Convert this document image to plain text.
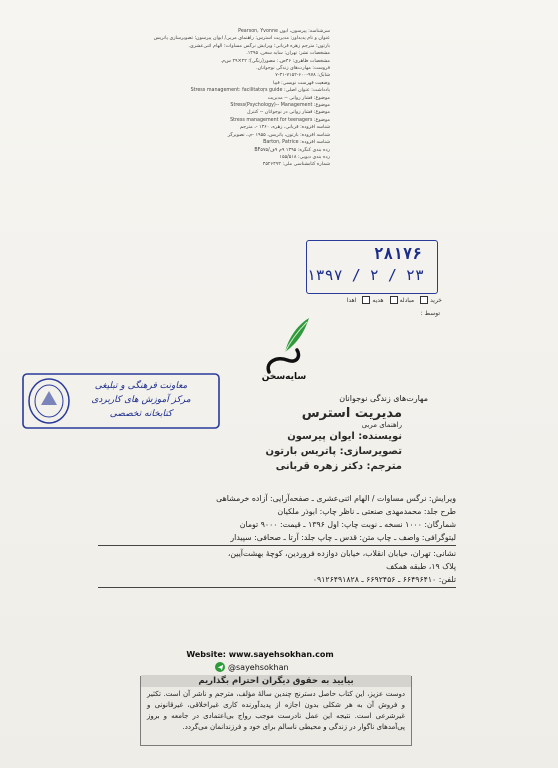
سرشناسه: پیرسون، ایون Pearson, Yvonne
عنوان و نام پدیدآور: مدیریت استرس: راهنمای مربی/ ایوان پیرسون؛ تصویرسازی پاتریس
بارتون؛ مترجم زهره قربانی؛ ویرایش نرگس مساوات؛ الهام اثنی‌عشری.
مشخصات نشر: تهران: سایه سخن، ۱۳۹۵.
مشخصات ظاهری: ۴۶ص.: مصور(رنگی)؛ ۲۲×۲۹ س‌م.
فروست: مهارت‌های زندگی نوجوانان.
شابک: ۹۷۸-۶۰۰-۷۱۵۲-۳۱-۷
وضعیت فهرست نویسی: فیپا
یادداشت: عنوان اصلی: Stress management: facilitatoṛs guide
موضوع: فشار روانی -- مدیریت
موضوع: Stress(Psychology)-- Management
موضوع: فشار روانی در نوجوانان -- کنترل
موضوع: Stress management for teenagers
شناسه افزوده: قربانی، زهره، ۱۳۶۰ -، مترجم
شناسه افزوده: بارتون، پاتریس، ۱۹۵۵ -م.، تصویرگر
شناسه افزوده: Barton, Patrice
رده بندی کنگره: ۱۳۹۵ ۹م ۹ف/BF۵۷۵
رده بندی دیویی: ۱۵۵/۵۱۸
شماره کتابشناسی ملی: ۴۵۲۶۴۹۳
۲۸۱۷۶
۱۳۹۷ / ۲ / ۲۳
خرید
مبادله
هدیه
اهدا
توسط :
سایه‌سخن
معاونت فرهنگی و تبلیغی
مرکز آموزش های کاربردی
کتابخانه تخصصی
مهارت‌های زندگی نوجوانان
مدیریت استرس
راهنمای مربی
نویسنده: ایوان پیرسون
تصویرسازی: پاتریس بارتون
مترجم: دکتر زهره قربانی
ویرایش: نرگس مساوات / الهام اثنی‌عشری ـ صفحه‌آرایی: آزاده خرمشاهی
طرح جلد: محمدمهدی صنعتی ـ ناظر چاپ: ابوذر ملکیان
شمارگان: ۱۰۰۰ نسخه ـ نوبت چاپ: اول ۱۳۹۶ ـ قیمت: ۹۰۰۰ تومان
لیتوگرافی: واصف ـ چاپ متن: قدس ـ چاپ جلد: آرتا ـ صحافی: سپیدار
نشانی: تهران، خیابان انقلاب، خیابان دوازده فروردین، کوچهٔ بهشت‌آیین،
پلاک ۱۹، طبقه همکف
تلفن: ۶۶۴۹۶۴۱۰ ـ ۶۶۹۲۴۵۶ ـ ۰۹۱۲۶۴۹۱۸۲۸
Website: www.sayehsokhan.com
@sayehsokhan
بیایید به حقوق دیگران احترام بگذاریم
دوست عزیز، این کتاب حاصل دسترنج چندین سالهٔ مؤلف، مترجم و ناشر آن است. تکثیر و فروش آن به هر شکلی بدون اجازه از پدیدآورنده کاری غیراخلاقی، غیرقانونی و غیرشرعی است. نتیجه این عمل نادرست موجب رواج بی‌اعتمادی در جامعه و بروز پی‌آمدهای ناگوار در زندگی و محیطی ناسالم برای خود و فرزندانمان می‌گردد.
